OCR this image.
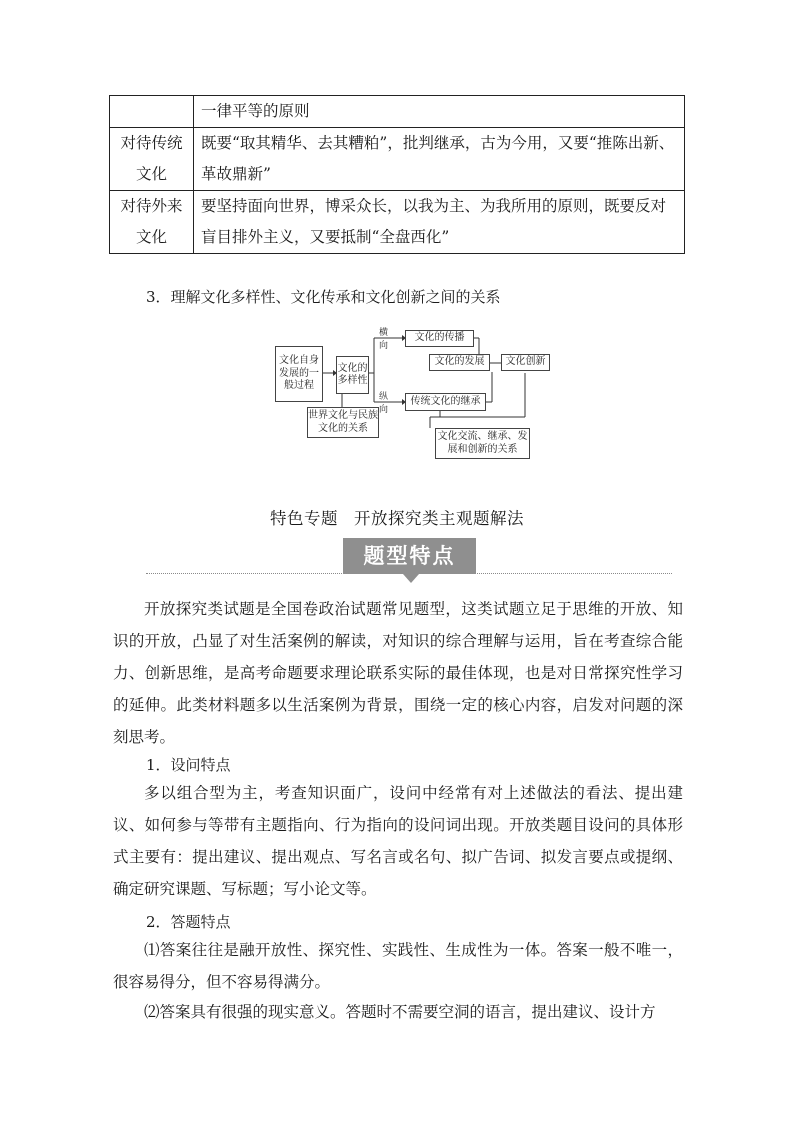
	一律平等的原则

对待传统
文化	既要“取其精华、去其糟粕”，批判继承，古为今用，又要“推陈出新、革故鼎新”

对待外来
文化	要坚持面向世界，博采众长，以我为主、为我所用的原则，既要反对盲目排外主义，又要抵制“全盘西化”
3．理解文化多样性、文化传承和文化创新之间的关系
文化自身发展的一般过程
文化的多样性
横向
纵向
文化的传播
文化的发展	文化创新
传统文化的继承
世界文化与民族文化的关系
文化交流、继承、发展和创新的关系
特色专题 开放探究类主观题解法
题型特点
开放探究类试题是全国卷政治试题常见题型，这类试题立足于思维的开放、知识的开放，凸显了对生活案例的解读，对知识的综合理解与运用，旨在考查综合能力、创新思维，是高考命题要求理论联系实际的最佳体现，也是对日常探究性学习的延伸。此类材料题多以生活案例为背景，围绕一定的核心内容，启发对问题的深刻思考。
1．设问特点
多以组合型为主，考查知识面广，设问中经常有对上述做法的看法、提出建议、如何参与等带有主题指向、行为指向的设问词出现。开放类题目设问的具体形式主要有：提出建议、提出观点、写名言或名句、拟广告词、拟发言要点或提纲、确定研究课题、写标题；写小论文等。
2．答题特点
⑴答案往往是融开放性、探究性、实践性、生成性为一体。答案一般不唯一，很容易得分，但不容易得满分。
⑵答案具有很强的现实意义。答题时不需要空洞的语言，提出建议、设计方
